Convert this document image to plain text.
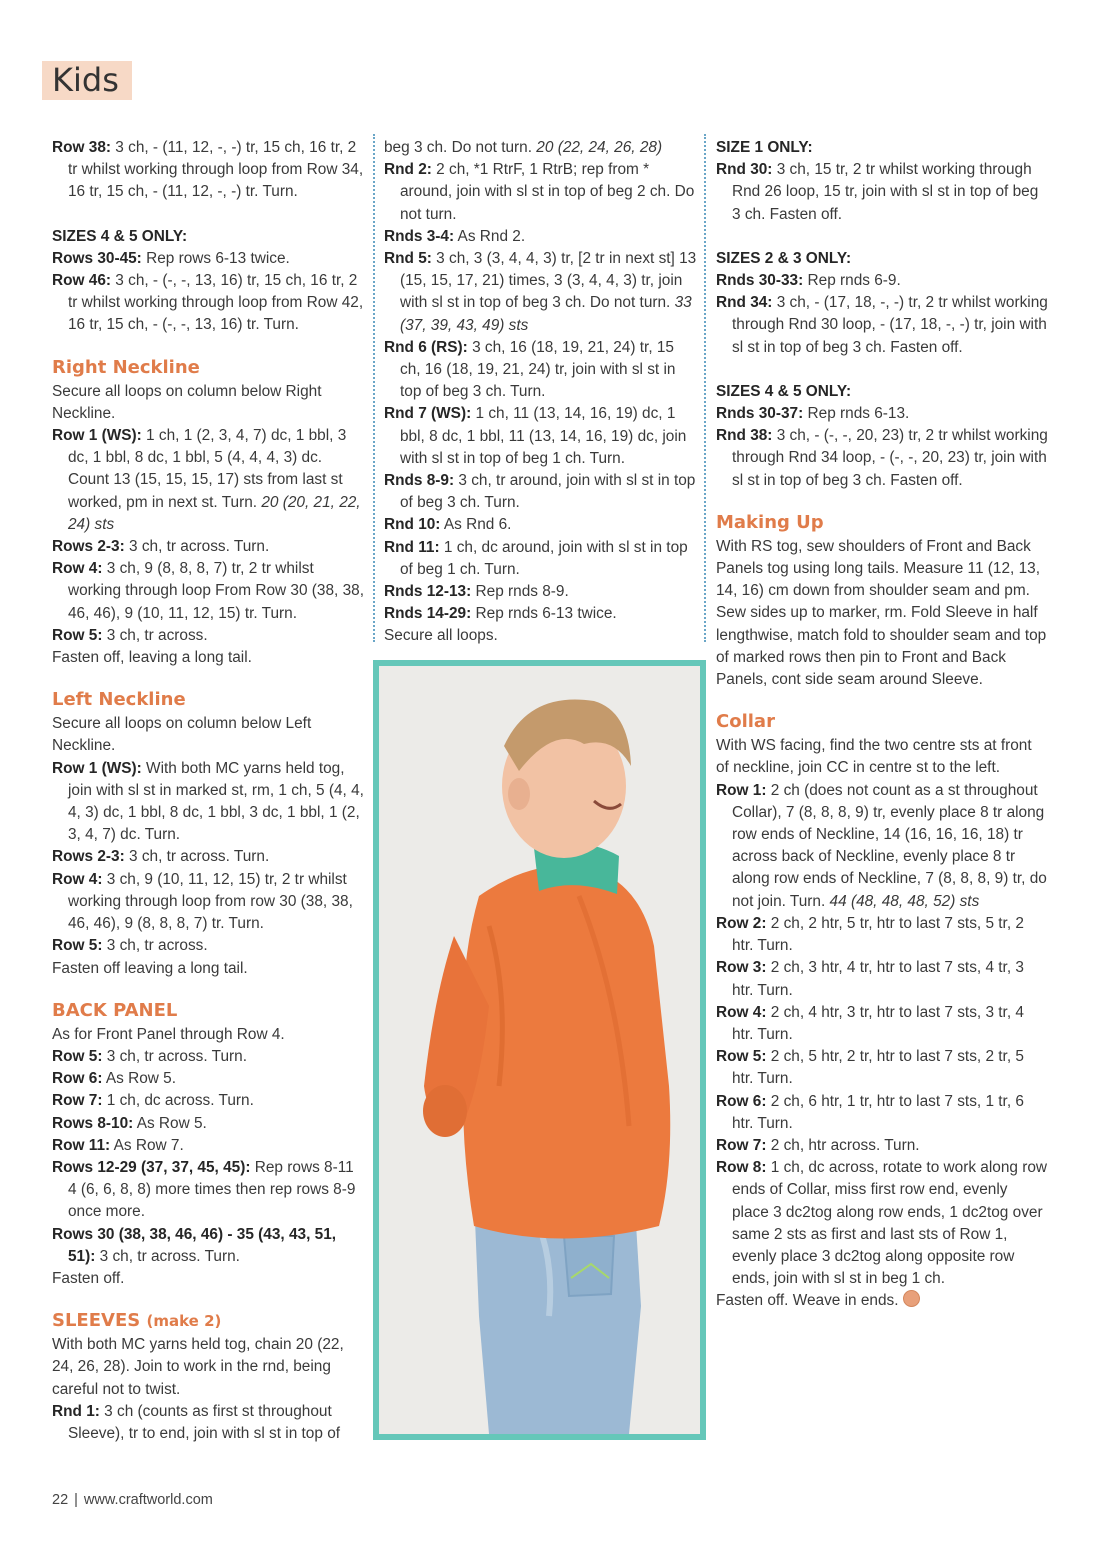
Kids

Row 38: 3 ch, - (11, 12, -, -) tr, 15 ch, 16 tr, 2 tr whilst working through loop from Row 34, 16 tr, 15 ch, - (11, 12, -, -) tr. Turn.

SIZES 4 & 5 ONLY:

Rows 30-45: Rep rows 6-13 twice.

Row 46: 3 ch, - (-, -, 13, 16) tr, 15 ch, 16 tr, 2 tr whilst working through loop from Row 42, 16 tr, 15 ch, - (-, -, 13, 16) tr. Turn.

Right Neckline

Secure all loops on column below Right Neckline.

Row 1 (WS): 1 ch, 1 (2, 3, 4, 7) dc, 1 bbl, 3 dc, 1 bbl, 8 dc, 1 bbl, 5 (4, 4, 4, 3) dc. Count 13 (15, 15, 15, 17) sts from last st worked, pm in next st. Turn. 20 (20, 21, 22, 24) sts

Rows 2-3: 3 ch, tr across. Turn.

Row 4: 3 ch, 9 (8, 8, 8, 7) tr, 2 tr whilst working through loop From Row 30 (38, 38, 46, 46), 9 (10, 11, 12, 15) tr. Turn.

Row 5: 3 ch, tr across.

Fasten off, leaving a long tail.

Left Neckline

Secure all loops on column below Left Neckline.

Row 1 (WS): With both MC yarns held tog, join with sl st in marked st, rm, 1 ch, 5 (4, 4, 4, 3) dc, 1 bbl, 8 dc, 1 bbl, 3 dc, 1 bbl, 1 (2, 3, 4, 7) dc. Turn.

Rows 2-3: 3 ch, tr across. Turn.

Row 4: 3 ch, 9 (10, 11, 12, 15) tr, 2 tr whilst working through loop from row 30 (38, 38, 46, 46), 9 (8, 8, 8, 7) tr. Turn.

Row 5: 3 ch, tr across.

Fasten off leaving a long tail.

BACK PANEL

As for Front Panel through Row 4.

Row 5: 3 ch, tr across. Turn.

Row 6: As Row 5.

Row 7: 1 ch, dc across. Turn.

Rows 8-10: As Row 5.

Row 11: As Row 7.

Rows 12-29 (37, 37, 45, 45): Rep rows 8-11 4 (6, 6, 8, 8) more times then rep rows 8-9 once more.

Rows 30 (38, 38, 46, 46) - 35 (43, 43, 51, 51): 3 ch, tr across. Turn.

Fasten off.

SLEEVES (make 2)

With both MC yarns held tog, chain 20 (22, 24, 26, 28). Join to work in the rnd, being careful not to twist.

Rnd 1: 3 ch (counts as first st throughout Sleeve), tr to end, join with sl st in top of

beg 3 ch. Do not turn. 20 (22, 24, 26, 28)

Rnd 2: 2 ch, *1 RtrF, 1 RtrB; rep from * around, join with sl st in top of beg 2 ch. Do not turn.

Rnds 3-4: As Rnd 2.

Rnd 5: 3 ch, 3 (3, 4, 4, 3) tr, [2 tr in next st] 13 (15, 15, 17, 21) times, 3 (3, 4, 4, 3) tr, join with sl st in top of beg 3 ch. Do not turn. 33 (37, 39, 43, 49) sts

Rnd 6 (RS): 3 ch, 16 (18, 19, 21, 24) tr, 15 ch, 16 (18, 19, 21, 24) tr, join with sl st in top of beg 3 ch. Turn.

Rnd 7 (WS): 1 ch, 11 (13, 14, 16, 19) dc, 1 bbl, 8 dc, 1 bbl, 11 (13, 14, 16, 19) dc, join with sl st in top of beg 1 ch. Turn.

Rnds 8-9: 3 ch, tr around, join with sl st in top of beg 3 ch. Turn.

Rnd 10: As Rnd 6.

Rnd 11: 1 ch, dc around, join with sl st in top of beg 1 ch. Turn.

Rnds 12-13: Rep rnds 8-9.

Rnds 14-29: Rep rnds 6-13 twice.

Secure all loops.

SIZE 1 ONLY:

Rnd 30: 3 ch, 15 tr, 2 tr whilst working through Rnd 26 loop, 15 tr, join with sl st in top of beg 3 ch. Fasten off.

SIZES 2 & 3 ONLY:

Rnds 30-33: Rep rnds 6-9.

Rnd 34: 3 ch, - (17, 18, -, -) tr, 2 tr whilst working through Rnd 30 loop, - (17, 18, -, -) tr, join with sl st in top of beg 3 ch. Fasten off.

SIZES 4 & 5 ONLY:

Rnds 30-37: Rep rnds 6-13.

Rnd 38: 3 ch, - (-, -, 20, 23) tr, 2 tr whilst working through Rnd 34 loop, - (-, -, 20, 23) tr, join with sl st in top of beg 3 ch. Fasten off.

Making Up

With RS tog, sew shoulders of Front and Back Panels tog using long tails. Measure 11 (12, 13, 14, 16) cm down from shoulder seam and pm. Sew sides up to marker, rm. Fold Sleeve in half lengthwise, match fold to shoulder seam and top of marked rows then pin to Front and Back Panels, cont side seam around Sleeve.

Collar

With WS facing, find the two centre sts at front of neckline, join CC in centre st to the left.

Row 1: 2 ch (does not count as a st throughout Collar), 7 (8, 8, 8, 9) tr, evenly place 8 tr along row ends of Neckline, 14 (16, 16, 16, 18) tr across back of Neckline, evenly place 8 tr along row ends of Neckline, 7 (8, 8, 8, 9) tr, do not join. Turn. 44 (48, 48, 48, 52) sts

Row 2: 2 ch, 2 htr, 5 tr, htr to last 7 sts, 5 tr, 2 htr. Turn.

Row 3: 2 ch, 3 htr, 4 tr, htr to last 7 sts, 4 tr, 3 htr. Turn.

Row 4: 2 ch, 4 htr, 3 tr, htr to last 7 sts, 3 tr, 4 htr. Turn.

Row 5: 2 ch, 5 htr, 2 tr, htr to last 7 sts, 2 tr, 5 htr. Turn.

Row 6: 2 ch, 6 htr, 1 tr, htr to last 7 sts, 1 tr, 6 htr. Turn.

Row 7: 2 ch, htr across. Turn.

Row 8: 1 ch, dc across, rotate to work along row ends of Collar, miss first row end, evenly place 3 dc2tog along row ends, 1 dc2tog over same 2 sts as first and last sts of Row 1, evenly place 3 dc2tog along opposite row ends, join with sl st in beg 1 ch.

Fasten off. Weave in ends.

22 | www.craftworld.com
